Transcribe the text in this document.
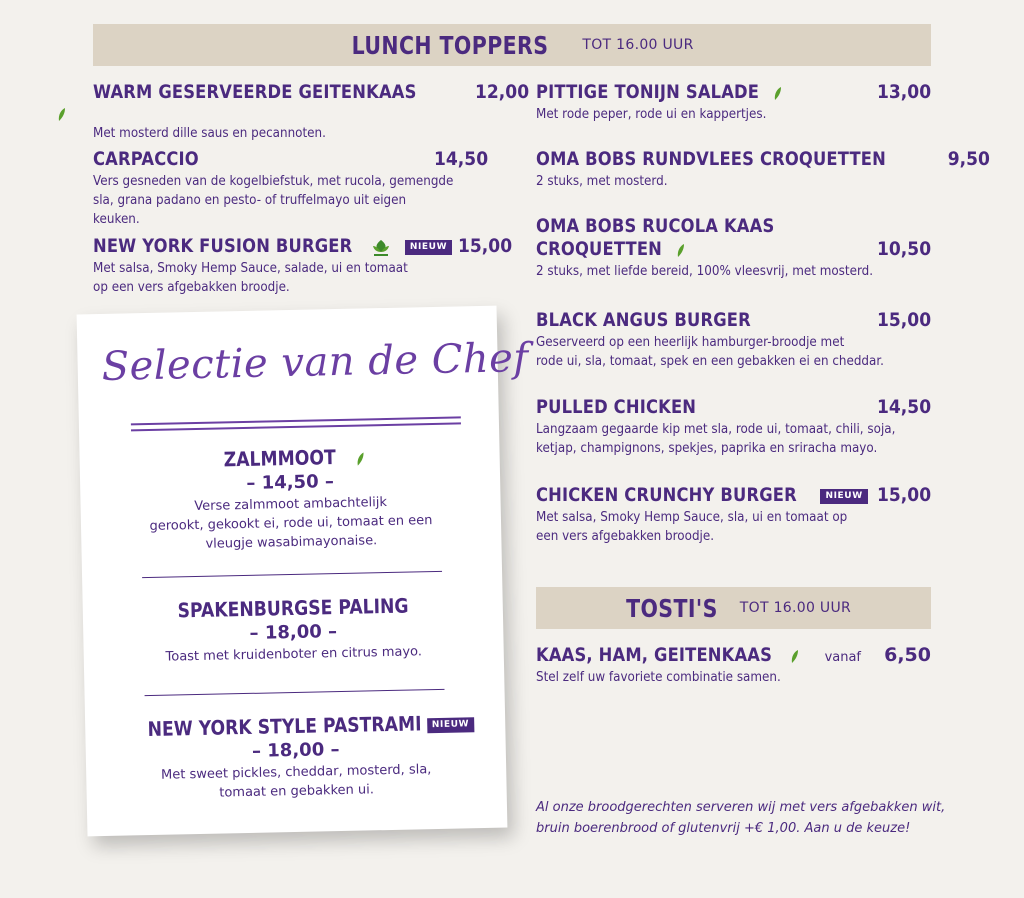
LUNCH TOPPERS TOT 16.00 UUR
WARM GESERVEERDE GEITENKAAS	12,00
Met mosterd dille saus en pecannoten.
CARPACCIO	14,50
Vers gesneden van de kogelbiefstuk, met rucola, gemengde
sla, grana padano en pesto- of truffelmayo uit eigen keuken.
NEW YORK FUSION BURGER	NIEUW 15,00
Met salsa, Smoky Hemp Sauce, salade, ui en tomaat
op een vers afgebakken broodje.
PITTIGE TONIJN SALADE	13,00
Met rode peper, rode ui en kappertjes.
OMA BOBS RUNDVLEES CROQUETTEN	9,50
2 stuks, met mosterd.
OMA BOBS RUCOLA KAAS
CROQUETTEN	10,50
2 stuks, met liefde bereid, 100% vleesvrij, met mosterd.
BLACK ANGUS BURGER	15,00
Geserveerd op een heerlijk hamburger-broodje met
rode ui, sla, tomaat, spek en een gebakken ei en cheddar.
PULLED CHICKEN	14,50
Langzaam gegaarde kip met sla, rode ui, tomaat, chili, soja,
ketjap, champignons, spekjes, paprika en sriracha mayo.
CHICKEN CRUNCHY BURGER	NIEUW 15,00
Met salsa, Smoky Hemp Sauce, sla, ui en tomaat op
een vers afgebakken broodje.
TOSTI'S TOT 16.00 UUR
KAAS, HAM, GEITENKAAS	vanaf 6,50
Stel zelf uw favoriete combinatie samen.
Al onze broodgerechten serveren wij met vers afgebakken wit,
bruin boerenbrood of glutenvrij +€ 1,00. Aan u de keuze!
Selectie van de Chef
ZALMMOOT
– 14,50 –
Verse zalmmoot ambachtelijk
gerookt, gekookt ei, rode ui, tomaat en een
vleugje wasabimayonaise.
SPAKENBURGSE PALING
– 18,00 –
Toast met kruidenboter en citrus mayo.
NEW YORK STYLE PASTRAMI NIEUW
– 18,00 –
Met sweet pickles, cheddar, mosterd, sla,
tomaat en gebakken ui.
